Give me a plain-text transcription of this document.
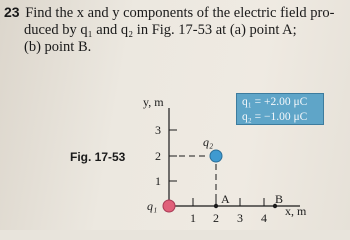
23 Find the x and y components of the electric field pro-
duced by q₁ and q₂ in Fig. 17-53 at (a) point A;
(b) point B.
Fig. 17-53
y, m
x, m
3
2
1
1 2 3 4
q₂
q₁	A	B
q₁ = +2.00 μC
q₂ = −1.00 μC
